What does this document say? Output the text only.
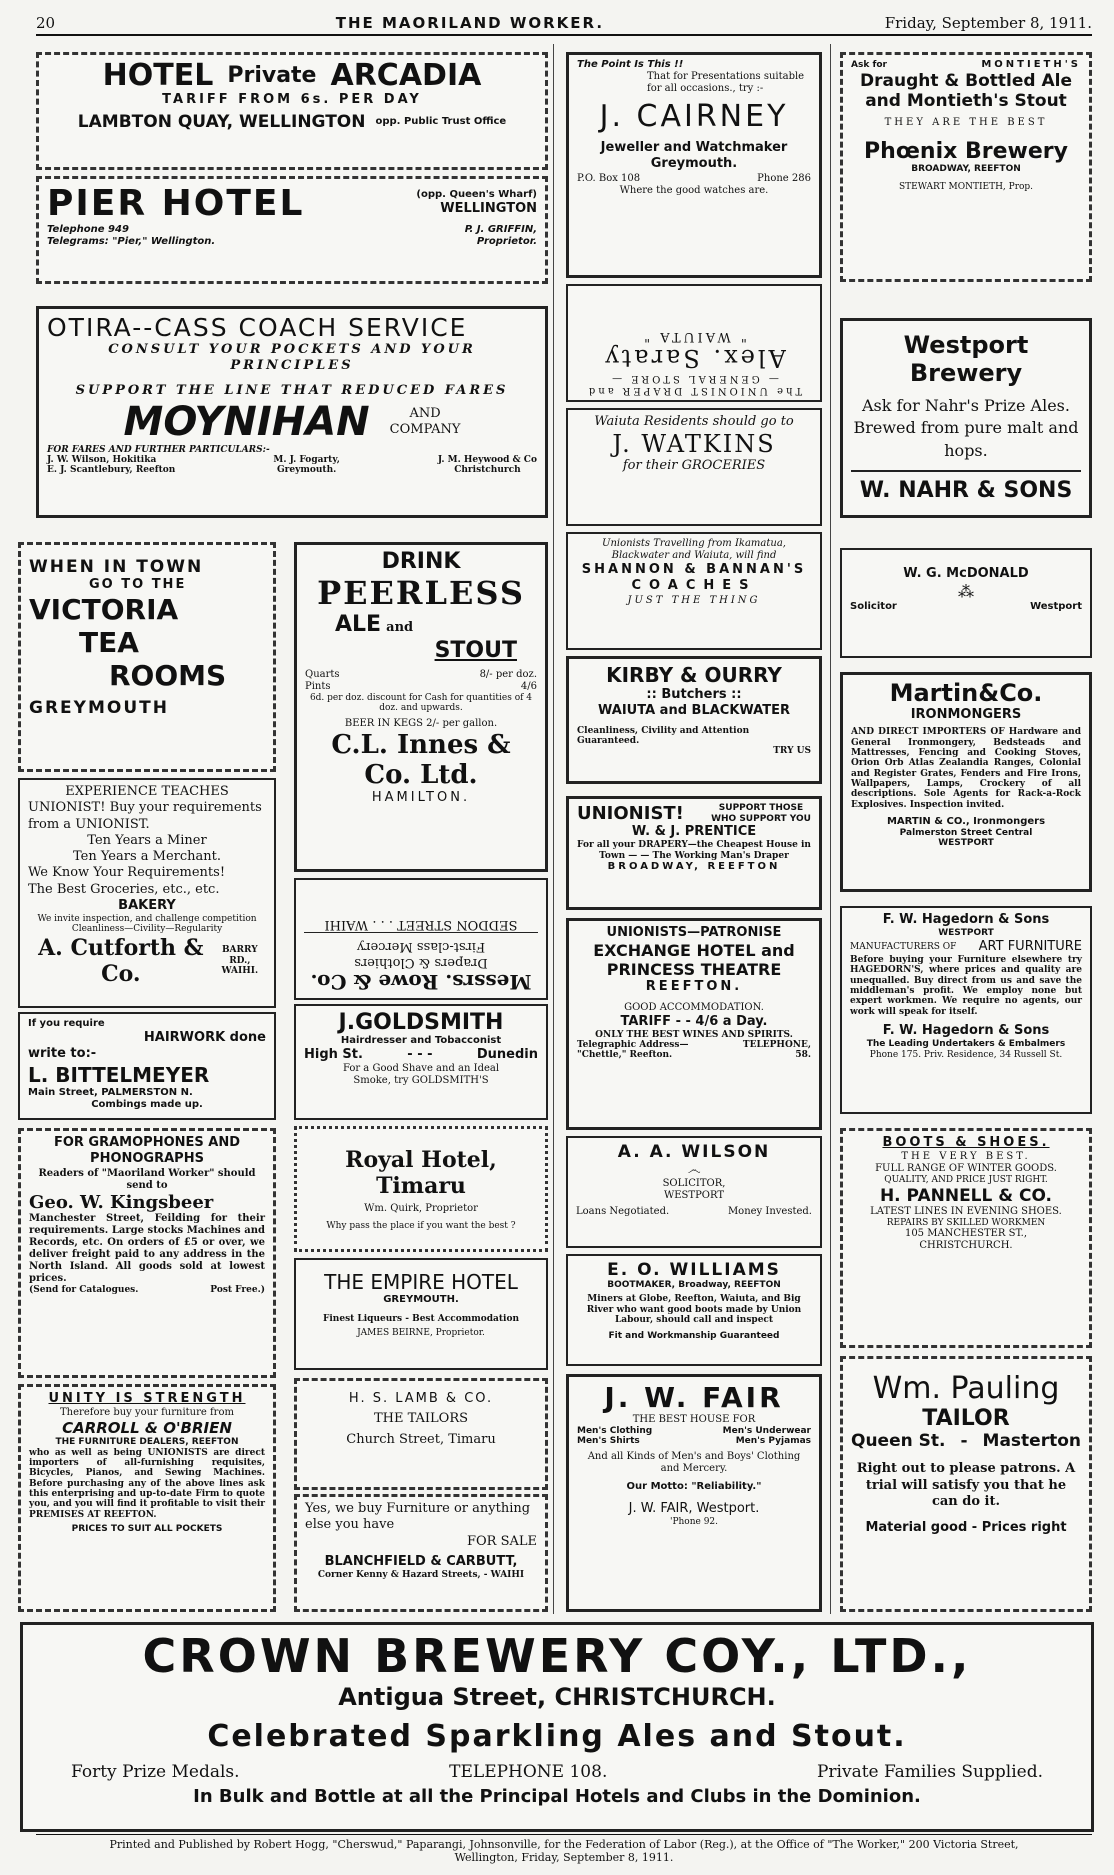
20	THE MAORILAND WORKER.	Friday, September 8, 1911.
HOTEL Private ARCADIA
TARIFF FROM 6s. PER DAY
LAMBTON QUAY, WELLINGTON opp. Public Trust Office
PIER HOTEL	(opp. Queen's Wharf)
WELLINGTON
Telephone 949
Telegrams: "Pier," Wellington.
P. J. GRIFFIN,
Proprietor.
OTIRA--CASS COACH SERVICE
CONSULT YOUR POCKETS AND YOUR PRINCIPLES
SUPPORT THE LINE THAT REDUCED FARES
MOYNIHAN	AND
COMPANY
FOR FARES AND FURTHER PARTICULARS:-
J. W. Wilson, Hokitika
E. J. Scantlebury, Reefton
M. J. Fogarty,
Greymouth.
J. M. Heywood & Co
Christchurch
WHEN IN TOWN
GO TO THE
VICTORIA
TEA
ROOMS
GREYMOUTH
EXPERIENCE TEACHES
UNIONIST! Buy your requirements from a UNIONIST.
Ten Years a Miner
Ten Years a Merchant.
We Know Your Requirements!
The Best Groceries, etc., etc.
BAKERY
We invite inspection, and challenge competition
Cleanliness—Civility—Regularity
A. Cutforth & Co.
BARRY RD., WAIHI.
If you require
HAIRWORK done
write to:-
L. BITTELMEYER
Main Street, PALMERSTON N.
Combings made up.
FOR GRAMOPHONES AND PHONOGRAPHS
Readers of "Maoriland Worker" should send to
Geo. W. Kingsbeer
Manchester Street, Feilding for their requirements. Large stocks Machines and Records, etc. On orders of £5 or over, we deliver freight paid to any address in the North Island. All goods sold at lowest prices.
(Send for Catalogues.	Post Free.)
UNITY IS STRENGTH
Therefore buy your furniture from
CARROLL & O'BRIEN
THE FURNITURE DEALERS, REEFTON
who as well as being UNIONISTS are direct importers of all-furnishing requisites, Bicycles, Pianos, and Sewing Machines. Before purchasing any of the above lines ask this enterprising and up-to-date Firm to quote you, and you will find it profitable to visit their PREMISES AT REEFTON.
PRICES TO SUIT ALL POCKETS
DRINK
PEERLESS
ALE and
STOUT
Quarts	8/- per doz.
Pints	4/6
6d. per doz. discount for Cash for quantities of 4 doz. and upwards.
BEER IN KEGS 2/- per gallon.
C.L. Innes & Co. Ltd.
HAMILTON.
Messrs. Rowe & Co.
Drapers & Clothiers
First-class Mercery
SEDDON STREET . . . WAIHI
J.GOLDSMITH
Hairdresser and Tobacconist
High St.	- - -	Dunedin
For a Good Shave and an Ideal
Smoke, try GOLDSMITH'S
Royal Hotel, Timaru
Wm. Quirk, Proprietor
Why pass the place if you want the best ?
THE EMPIRE HOTEL
GREYMOUTH.
Finest Liqueurs - Best Accommodation
JAMES BEIRNE, Proprietor.
H. S. LAMB & CO.
THE TAILORS
Church Street, Timaru
Yes, we buy Furniture or anything else you have
FOR SALE
BLANCHFIELD & CARBUTT,
Corner Kenny & Hazard Streets, - WAIHI
The Point Is This !!
That for Presentations suitable for all occasions., try :-
J. CAIRNEY
Jeweller and Watchmaker
Greymouth.
P.O. Box 108	Phone 286
Where the good watches are.
The UNIONIST DRAPER and
— GENERAL STORE —
Alex. Saraty
" WAIUTA "
Waiuta Residents should go to
J. WATKINS
for their GROCERIES
Unionists Travelling from Ikamatua, Blackwater and Waiuta, will find
SHANNON & BANNAN'S
COACHES
JUST THE THING
KIRBY & OURRY
:: Butchers ::
WAIUTA and BLACKWATER
Cleanliness, Civility and Attention Guaranteed.
TRY US
UNIONIST!	SUPPORT THOSE WHO SUPPORT YOU
W. & J. PRENTICE
For all your DRAPERY—the Cheapest House in Town — — The Working Man's Draper
BROADWAY, REEFTON
UNIONISTS—PATRONISE
EXCHANGE HOTEL and
PRINCESS THEATRE
REEFTON.
GOOD ACCOMMODATION.
TARIFF - - 4/6 a Day.
ONLY THE BEST WINES AND SPIRITS.
Telegraphic Address—
"Chettle," Reefton.
TELEPHONE,
58.
A. A. WILSON
෴
SOLICITOR,
WESTPORT
Loans Negotiated.	Money Invested.
E. O. WILLIAMS
BOOTMAKER, Broadway, REEFTON
Miners at Globe, Reefton, Waiuta, and Big River who want good boots made by Union Labour, should call and inspect
Fit and Workmanship Guaranteed
J. W. FAIR
THE BEST HOUSE FOR
Men's Clothing	Men's Underwear
Men's Shirts	Men's Pyjamas
And all Kinds of Men's and Boys' Clothing and Mercery.
Our Motto: "Reliability."
J. W. FAIR, Westport.
'Phone 92.
Ask for	MONTIETH'S
Draught & Bottled Ale
and Montieth's Stout
THEY ARE THE BEST
Phœnix Brewery
BROADWAY, REEFTON
STEWART MONTIETH, Prop.
Westport Brewery
Ask for Nahr's Prize Ales. Brewed from pure malt and hops.
W. NAHR & SONS
W. G. McDONALD
⁂
Solicitor	Westport
Martin&Co.
IRONMONGERS
AND DIRECT IMPORTERS OF Hardware and General Ironmongery, Bedsteads and Mattresses, Fencing and Cooking Stoves, Orion Orb Atlas Zealandia Ranges, Colonial and Register Grates, Fenders and Fire Irons, Wallpapers, Lamps, Crockery of all descriptions. Sole Agents for Rack-a-Rock Explosives. Inspection invited.
MARTIN & CO., Ironmongers
Palmerston Street Central
WESTPORT
F. W. Hagedorn & Sons
WESTPORT
MANUFACTURERS OF ART FURNITURE
Before buying your Furniture elsewhere try HAGEDORN'S, where prices and quality are unequalled. Buy direct from us and save the middleman's profit. We employ none but expert workmen. We require no agents, our work will speak for itself.
F. W. Hagedorn & Sons
The Leading Undertakers & Embalmers
Phone 175. Priv. Residence, 34 Russell St.
BOOTS & SHOES.
THE VERY BEST.
FULL RANGE OF WINTER GOODS.
QUALITY, AND PRICE JUST RIGHT.
H. PANNELL & CO.
LATEST LINES IN EVENING SHOES.
REPAIRS BY SKILLED WORKMEN
105 MANCHESTER ST.,
CHRISTCHURCH.
Wm. Pauling
TAILOR
Queen St. - Masterton
Right out to please patrons. A trial will satisfy you that he can do it.
Material good - Prices right
CROWN BREWERY COY., LTD.,
Antigua Street, CHRISTCHURCH.
Celebrated Sparkling Ales and Stout.
Forty Prize Medals.	TELEPHONE 108.	Private Families Supplied.
In Bulk and Bottle at all the Principal Hotels and Clubs in the Dominion.
Printed and Published by Robert Hogg, "Cherswud," Paparangi, Johnsonville, for the Federation of Labor (Reg.), at the Office of "The Worker," 200 Victoria Street,
Wellington, Friday, September 8, 1911.
